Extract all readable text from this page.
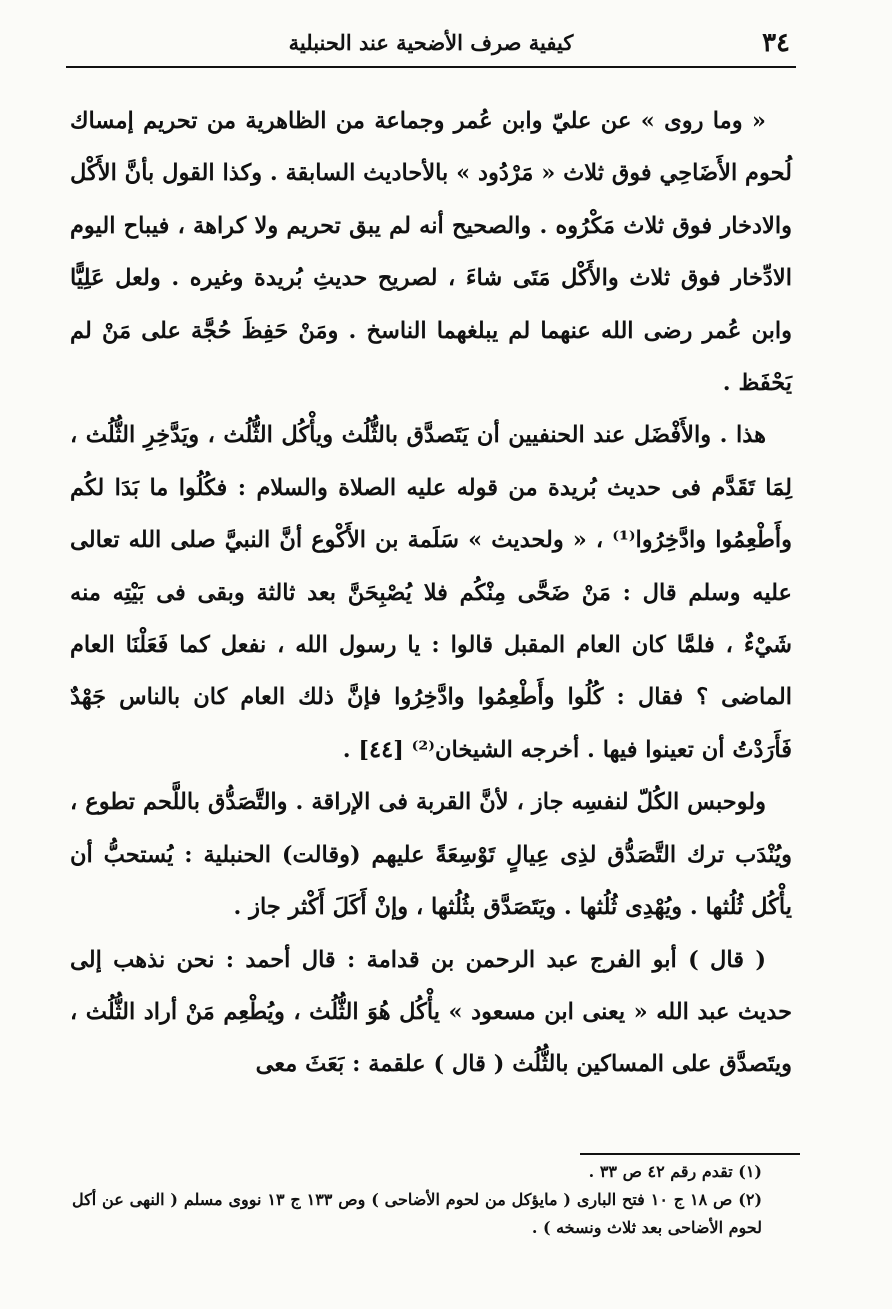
٣٤
كيفية صرف الأضحية عند الحنبلية

« وما روى » عن عليّ وابن عُمر وجماعة من الظاهرية من تحريم إمساك لُحوم الأَضَاحِي فوق ثلاث « مَرْدُود » بالأحاديث السابقة . وكذا القول بأنَّ الأَكْل والادخار فوق ثلاث مَكْرُوه . والصحيح أنه لم يبق تحريم ولا كراهة ، فيباح اليوم الادِّخار فوق ثلاث والأَكْل مَتَى شاءَ ، لصريح حديثِ بُريدة وغيره . ولعل عَلِيًّا وابن عُمر رضى الله عنهما لم يبلغهما الناسخ . ومَنْ حَفِظَ حُجَّة على مَنْ لم يَحْفَظ .

هذا . والأَفْضَل عند الحنفيين أن يَتَصدَّق بالثُّلُث ويأْكُل الثُّلُث ، ويَدَّخِرِ الثُّلُث ، لِمَا تَقَدَّم فى حديث بُريدة من قوله عليه الصلاة والسلام : فكُلُوا ما بَدَا لكُم وأَطْعِمُوا وادَّخِرُوا⁽¹⁾ ، « ولحديث » سَلَمة بن الأَكْوع أنَّ النبيَّ صلى الله تعالى عليه وسلم قال : مَنْ ضَحَّى مِنْكُم فلا يُصْبِحَنَّ بعد ثالثة وبقى فى بَيْتِه منه شَيْءٌ ، فلمَّا كان العام المقبل قالوا : يا رسول الله ، نفعل كما فَعَلْنَا العام الماضى ؟ فقال : كُلُوا وأَطْعِمُوا وادَّخِرُوا فإنَّ ذلك العام كان بالناس جَهْدٌ فَأَرَدْتُ أن تعينوا فيها . أخرجه الشيخان⁽²⁾ [٤٤] .

ولوحبس الكُلّ لنفسِه جاز ، لأنَّ القربة فى الإراقة . والتَّصَدُّق باللَّحم تطوع ، ويُنْدَب ترك التَّصَدُّق لذِى عِيالٍ تَوْسِعَةً عليهم (وقالت) الحنبلية : يُستحبُّ أن يأْكُل ثُلُثها . ويُهْدِى ثُلُثها . ويَتَصَدَّق بثُلُثها ، وإنْ أَكَلَ أَكْثر جاز .

( قال ) أبو الفرج عبد الرحمن بن قدامة : قال أحمد : نحن نذهب إلى حديث عبد الله « يعنى ابن مسعود » يأْكُل هُوَ الثُّلُث ، ويُطْعِم مَنْ أراد الثُّلُث ، ويتَصدَّق على المساكين بالثُّلُث ( قال ) علقمة : بَعَثَ معى

(١) تقدم رقم ٤٢ ص ٣٣ .

(٢) ص ١٨ ج ١٠ فتح البارى ( مايؤكل من لحوم الأضاحى ) وص ١٣٣ ج ١٣ نووى مسلم ( النهى عن أكل لحوم الأضاحى بعد ثلاث ونسخه ) .
